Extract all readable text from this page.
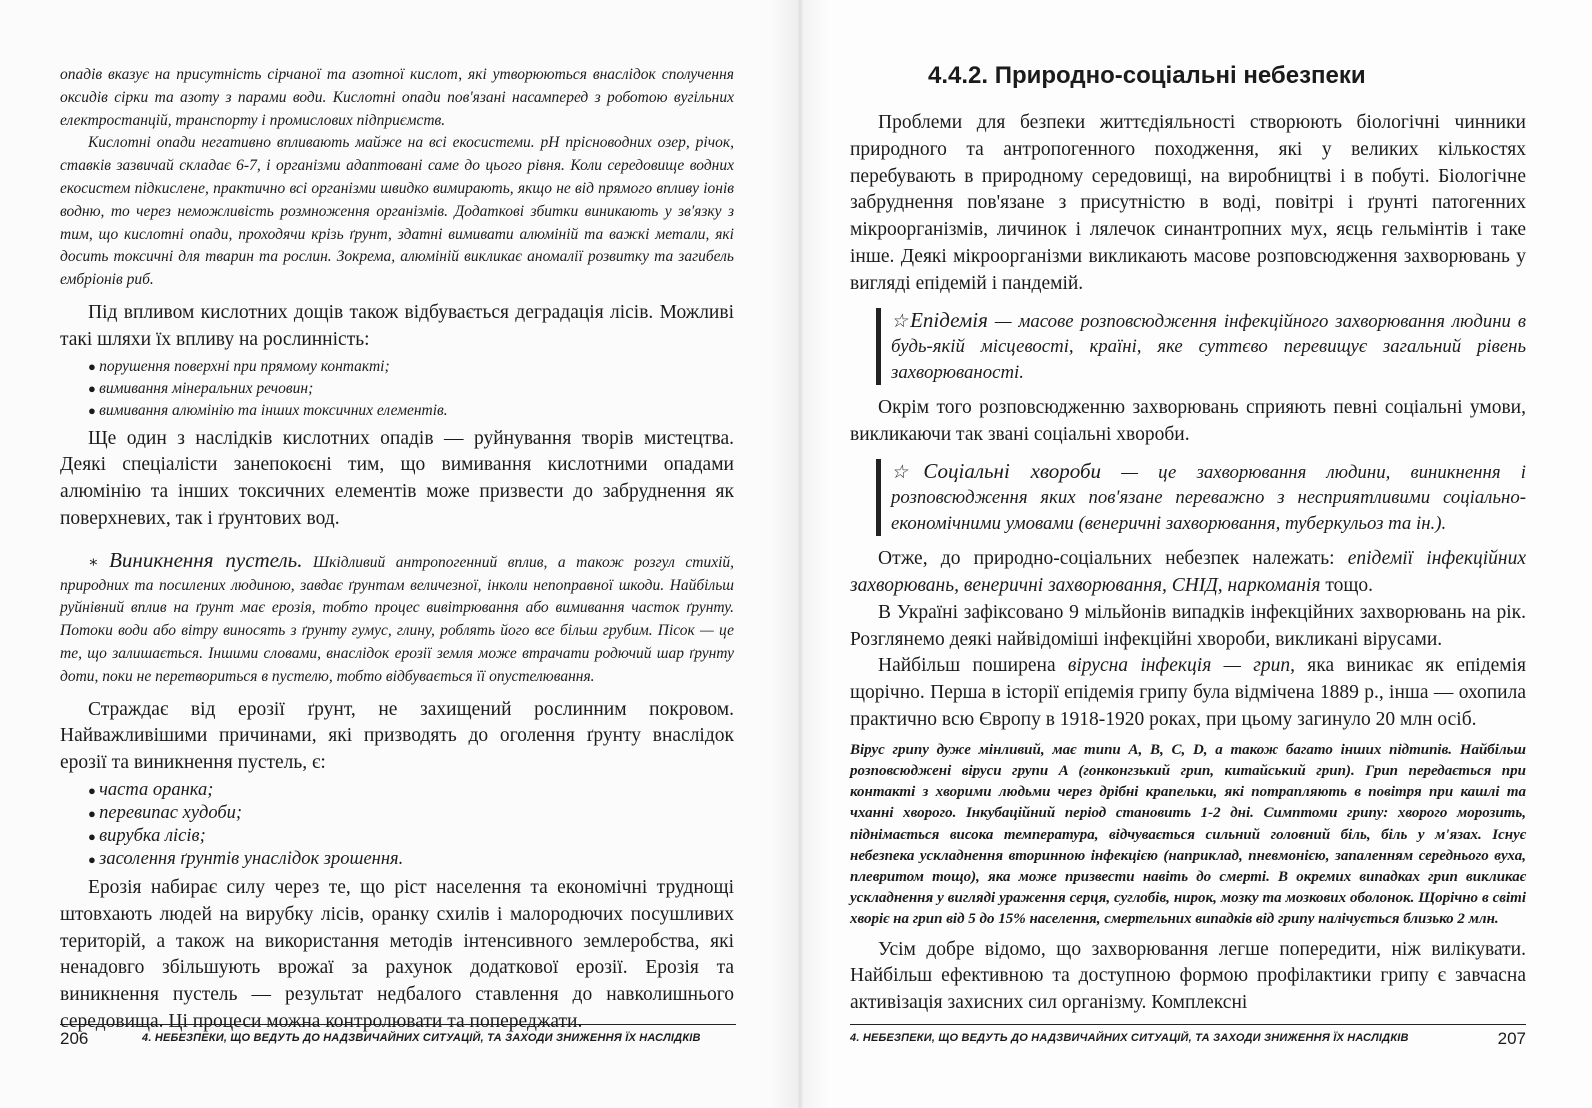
опадів вказує на присутність сірчаної та азотної кислот, які утворюються внаслідок сполучення оксидів сірки та азоту з парами води. Кислотні опади пов'язані насамперед з роботою вугільних електростанцій, транспорту і промислових підприємств.

Кислотні опади негативно впливають майже на всі екосистеми. pH прісноводних озер, річок, ставків зазвичай складає 6-7, і організми адаптовані саме до цього рівня. Коли середовище водних екосистем підкислене, практично всі організми швидко вимирають, якщо не від прямого впливу іонів водню, то через неможливість розмноження організмів. Додаткові збитки виникають у зв'язку з тим, що кислотні опади, проходячи крізь ґрунт, здатні вимивати алюміній та важкі метали, які досить токсичні для тварин та рослин. Зокрема, алюміній викликає аномалії розвитку та загибель ембріонів риб.

Під впливом кислотних дощів також відбувається деградація лісів. Можливі такі шляхи їх впливу на рослинність:

● порушення поверхні при прямому контакті;
● вимивання мінеральних речовин;
● вимивання алюмінію та інших токсичних елементів.

Ще один з наслідків кислотних опадів — руйнування творів мистецтва. Деякі спеціалісти занепокоєні тим, що вимивання кислотними опадами алюмінію та інших токсичних елементів може призвести до забруднення як поверхневих, так і ґрунтових вод.

∗ Виникнення пустель. Шкідливий антропогенний вплив, а також розгул стихій, природних та посилених людиною, завдає ґрунтам величезної, інколи непоправної шкоди. Найбільш руйнівний вплив на ґрунт має ерозія, тобто процес вивітрювання або вимивання часток ґрунту. Потоки води або вітру виносять з ґрунту гумус, глину, роблять його все більш грубим. Пісок — це те, що залишається. Іншими словами, внаслідок ерозії земля може втрачати родючий шар ґрунту доти, поки не перетвориться в пустелю, тобто відбувається її опустелювання.

Страждає від ерозії ґрунт, не захищений рослинним покровом. Найважливішими причинами, які призводять до оголення ґрунту внаслідок ерозії та виникнення пустель, є:

● часта оранка;
● перевипас худоби;
● вирубка лісів;
● засолення ґрунтів унаслідок зрошення.

Ерозія набирає силу через те, що ріст населення та економічні труднощі штовхають людей на вирубку лісів, оранку схилів і малородючих посушливих територій, а також на використання методів інтенсивного землеробства, які ненадовго збільшують врожаї за рахунок додаткової ерозії. Ерозія та виникнення пустель — результат недбалого ставлення до навколишнього середовища. Ці процеси можна контролювати та попереджати.

206	4. НЕБЕЗПЕКИ, ЩО ВЕДУТЬ ДО НАДЗВИЧАЙНИХ СИТУАЦІЙ, ТА ЗАХОДИ ЗНИЖЕННЯ ЇХ НАСЛІДКІВ
4.4.2. Природно-соціальні небезпеки

Проблеми для безпеки життєдіяльності створюють біологічні чинники природного та антропогенного походження, які у великих кількостях перебувають в природному середовищі, на виробництві і в побуті. Біологічне забруднення пов'язане з присутністю в воді, повітрі і ґрунті патогенних мікроорганізмів, личинок і лялечок синантропних мух, яєць гельмінтів і таке інше. Деякі мікроорганізми викликають масове розповсюдження захворювань у вигляді епідемій і пандемій.

☆Епідемія — масове розповсюдження інфекційного захворювання людини в будь-якій місцевості, країні, яке суттєво перевищує загальний рівень захворюваності.

Окрім того розповсюдженню захворювань сприяють певні соціальні умови, викликаючи так звані соціальні хвороби.

☆Соціальні хвороби — це захворювання людини, виникнення і розповсюдження яких пов'язане переважно з несприятливими соціально-економічними умовами (венеричні захворювання, туберкульоз та ін.).

Отже, до природно-соціальних небезпек належать: епідемії інфекційних захворювань, венеричні захворювання, СНІД, наркоманія тощо.

В Україні зафіксовано 9 мільйонів випадків інфекційних захворювань на рік. Розглянемо деякі найвідоміші інфекційні хвороби, викликані вірусами.

Найбільш поширена вірусна інфекція — грип, яка виникає як епідемія щорічно. Перша в історії епідемія грипу була відмічена 1889 р., інша — охопила практично всю Європу в 1918-1920 роках, при цьому загинуло 20 млн осіб.

Вірус грипу дуже мінливий, має типи A, B, C, D, а також багато інших підтипів. Найбільш розповсюджені віруси групи A (гонконгзький грип, китайський грип). Грип передається при контакті з хворими людьми через дрібні крапельки, які потрапляють в повітря при кашлі та чханні хворого. Інкубаційний період становить 1-2 дні. Симптоми грипу: хворого морозить, піднімається висока температура, відчувається сильний головний біль, біль у м'язах. Існує небезпека ускладнення вторинною інфекцією (наприклад, пневмонією, запаленням середнього вуха, плевритом тощо), яка може призвести навіть до смерті. В окремих випадках грип викликає ускладнення у вигляді ураження серця, суглобів, нирок, мозку та мозкових оболонок. Щорічно в світі хворіє на грип від 5 до 15% населення, смертельних випадків від грипу налічується близько 2 млн.

Усім добре відомо, що захворювання легше попередити, ніж вилікувати. Найбільш ефективною та доступною формою профілактики грипу є завчасна активізація захисних сил організму. Комплексні

4. НЕБЕЗПЕКИ, ЩО ВЕДУТЬ ДО НАДЗВИЧАЙНИХ СИТУАЦІЙ, ТА ЗАХОДИ ЗНИЖЕННЯ ЇХ НАСЛІДКІВ	207
